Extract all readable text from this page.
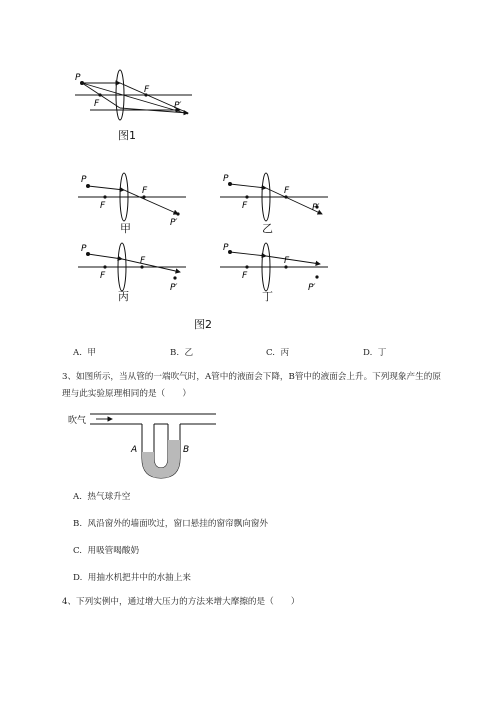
P
F
F
P′
图1
P
F
F
P′
甲
P
F
F
P′
乙
P
F
F
P′
丙
P
F
F
P′
丁
图2
A. 甲	B. 乙	C. 丙	D. 丁
3、如图所示，当从管的一端吹气时，A管中的液面会下降，B管中的液面会上升。下列现象产生的原
理与此实验原理相同的是（　　）
吹气
A	B
A. 热气球升空
B. 风沿窗外的墙面吹过，窗口悬挂的窗帘飘向窗外
C. 用吸管喝酸奶
D. 用抽水机把井中的水抽上来
4、下列实例中，通过增大压力的方法来增大摩擦的是（　　）
